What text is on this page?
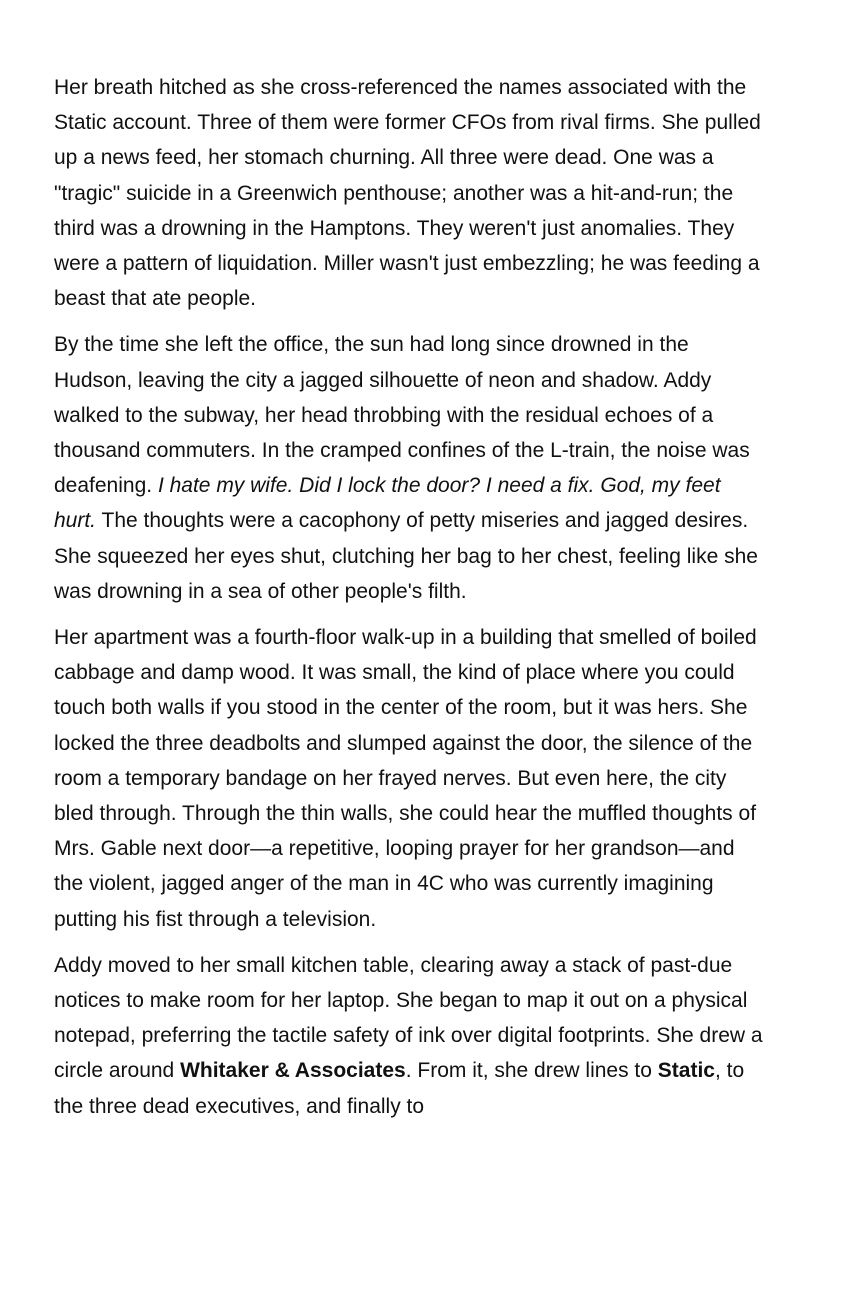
Her breath hitched as she cross-referenced the names associated with the Static account. Three of them were former CFOs from rival firms. She pulled up a news feed, her stomach churning. All three were dead. One was a "tragic" suicide in a Greenwich penthouse; another was a hit-and-run; the third was a drowning in the Hamptons. They weren't just anomalies. They were a pattern of liquidation. Miller wasn't just embezzling; he was feeding a beast that ate people.

By the time she left the office, the sun had long since drowned in the Hudson, leaving the city a jagged silhouette of neon and shadow. Addy walked to the subway, her head throbbing with the residual echoes of a thousand commuters. In the cramped confines of the L-train, the noise was deafening. I hate my wife. Did I lock the door? I need a fix. God, my feet hurt. The thoughts were a cacophony of petty miseries and jagged desires. She squeezed her eyes shut, clutching her bag to her chest, feeling like she was drowning in a sea of other people's filth.

Her apartment was a fourth-floor walk-up in a building that smelled of boiled cabbage and damp wood. It was small, the kind of place where you could touch both walls if you stood in the center of the room, but it was hers. She locked the three deadbolts and slumped against the door, the silence of the room a temporary bandage on her frayed nerves. But even here, the city bled through. Through the thin walls, she could hear the muffled thoughts of Mrs. Gable next door—a repetitive, looping prayer for her grandson—and the violent, jagged anger of the man in 4C who was currently imagining putting his fist through a television.

Addy moved to her small kitchen table, clearing away a stack of past-due notices to make room for her laptop. She began to map it out on a physical notepad, preferring the tactile safety of ink over digital footprints. She drew a circle around Whitaker & Associates. From it, she drew lines to Static, to the three dead executives, and finally to
